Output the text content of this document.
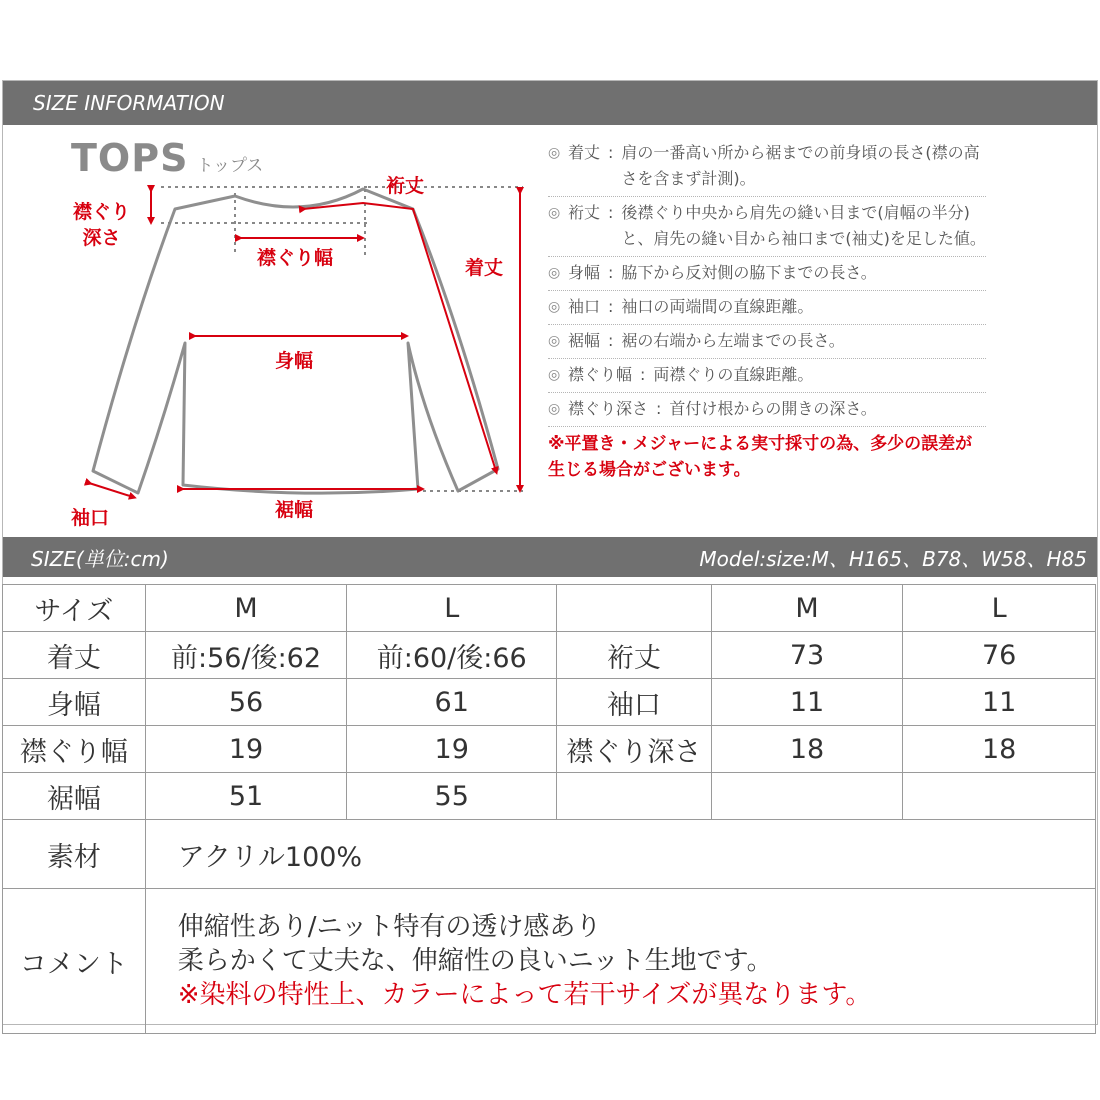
SIZE INFORMATION
TOPS トップス
襟ぐり
深さ
襟ぐり幅
裄丈
着丈
身幅
裾幅
袖口
◎ 着丈 : 肩の一番高い所から裾までの前身頃の長さ(襟の高さを含まず計測)。
◎ 裄丈 : 後襟ぐり中央から肩先の縫い目まで(肩幅の半分)と、肩先の縫い目から袖口まで(袖丈)を足した値。
◎ 身幅 : 脇下から反対側の脇下までの長さ。
◎ 袖口 : 袖口の両端間の直線距離。
◎ 裾幅 : 裾の右端から左端までの長さ。
◎ 襟ぐり幅 : 両襟ぐりの直線距離。
◎ 襟ぐり深さ : 首付け根からの開きの深さ。
※平置き・メジャーによる実寸採寸の為、多少の誤差が生じる場合がございます。
SIZE(単位:cm)	Model:size:M、H165、B78、W58、H85
サイズ	M	L		M	L
着丈	前:56/後:62	前:60/後:66	裄丈	73	76
身幅	56	61	袖口	11	11
襟ぐり幅	19	19	襟ぐり深さ	18	18
裾幅	51	55			
素材	アクリル100%				
コメント	伸縮性あり/ニット特有の透け感あり
柔らかくて丈夫な、伸縮性の良いニット生地です。
※染料の特性上、カラーによって若干サイズが異なります。				
